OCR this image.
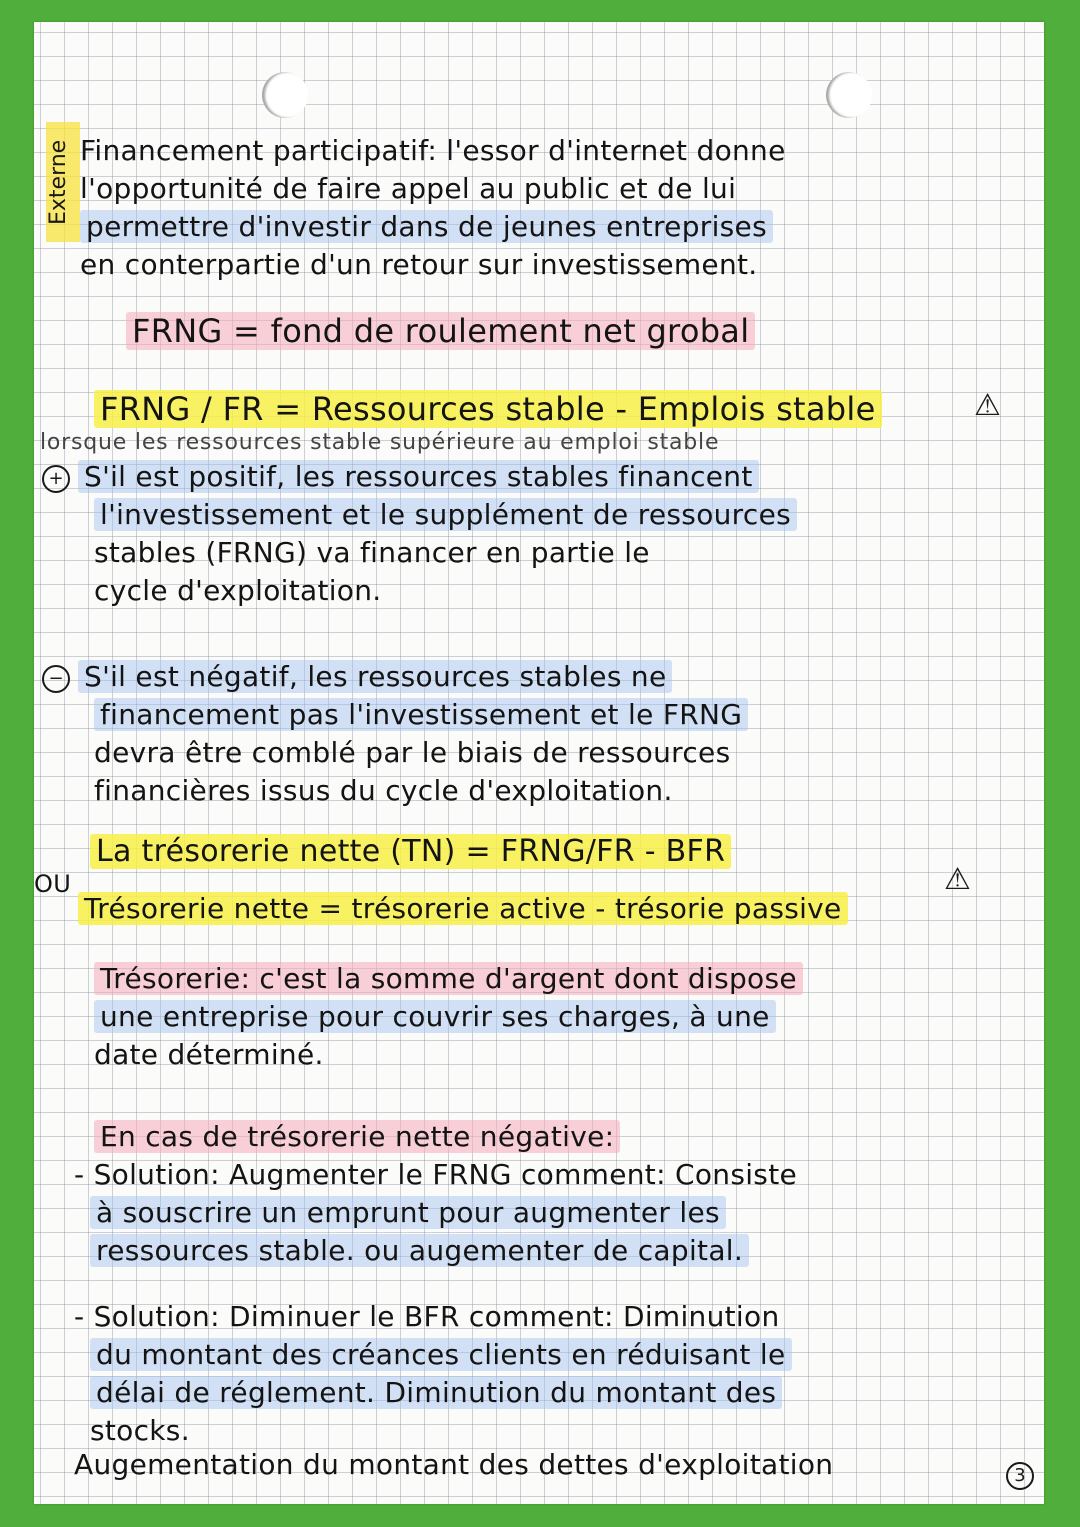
Externe Financement participatif: l'essor d'internet donne
l'opportunité de faire appel au public et de lui
permettre d'investir dans de jeunes entreprises
en conterpartie d'un retour sur investissement.
FRNG = fond de roulement net grobal
FRNG / FR = Ressources stable - Emplois stable	⚠
lorsque les ressources stable supérieure au emploi stable
+ S'il est positif, les ressources stables financent
l'investissement et le supplément de ressources
stables (FRNG) va financer en partie le
cycle d'exploitation.
− S'il est négatif, les ressources stables ne
financement pas l'investissement et le FRNG
devra être comblé par le biais de ressources
financières issus du cycle d'exploitation.
La trésorerie nette (TN) = FRNG/FR - BFR
⚠
OU
Trésorerie nette = trésorerie active - trésorie passive
Trésorerie: c'est la somme d'argent dont dispose
une entreprise pour couvrir ses charges, à une
date déterminé.
En cas de trésorerie nette négative:
- Solution: Augmenter le FRNG comment: Consiste
à souscrire un emprunt pour augmenter les
ressources stable. ou augementer de capital.
- Solution: Diminuer le BFR comment: Diminution
du montant des créances clients en réduisant le
délai de réglement. Diminution du montant des
stocks.
Augementation du montant des dettes d'exploitation	3
